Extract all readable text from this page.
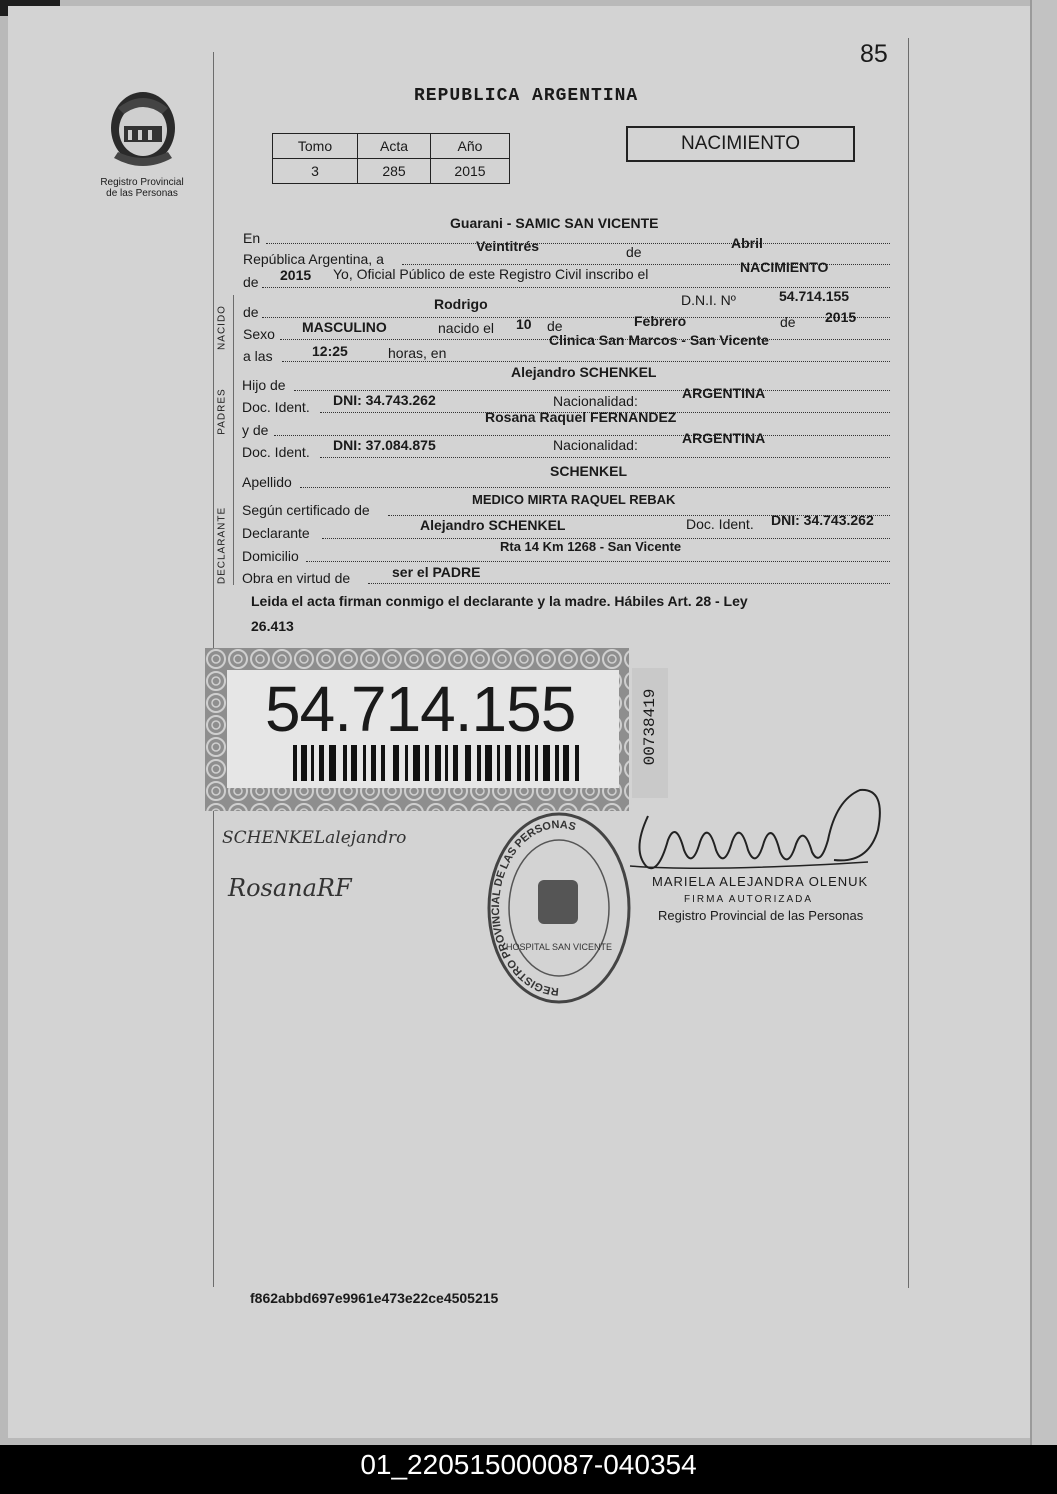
85
REPUBLICA ARGENTINA
Registro Provincial
de las Personas
Tomo	Acta	Año
3	285	2015
NACIMIENTO
NACIDO
PADRES
DECLARANTE
En
Guarani - SAMIC SAN VICENTE
República Argentina, a
Veintitrés	de
Abril
de 2015 Yo, Oficial Público de este Registro Civil inscribo el	NACIMIENTO
de	Rodrigo	D.N.I. Nº	54.714.155
Sexo MASCULINO	nacido el 10 de	Febrero	de 2015
a las	12:25	horas, en
Clinica San Marcos - San Vicente
Hijo de
Alejandro SCHENKEL
Doc. Ident. DNI: 34.743.262	Nacionalidad:	ARGENTINA
y de
Rosana Raquel FERNANDEZ
Doc. Ident. DNI: 37.084.875	Nacionalidad:	ARGENTINA
Apellido
SCHENKEL
Según certificado de
MEDICO MIRTA RAQUEL REBAK
Declarante	Alejandro SCHENKEL	Doc. Ident. DNI: 34.743.262
Domicilio
Rta 14 Km 1268 - San Vicente
Obra en virtud de	ser el PADRE
Leida el acta firman conmigo el declarante y la madre. Hábiles Art. 28 - Ley
26.413
54.714.155	00738419
SCHENKELalejandro
RosanaRF
REGISTRO PROVINCIAL DE LAS PERSONAS
HOSPITAL SAN VICENTE
MARIELA ALEJANDRA OLENUK
FIRMA AUTORIZADA
Registro Provincial de las Personas
f862abbd697e9961e473e22ce4505215
01_220515000087-040354
